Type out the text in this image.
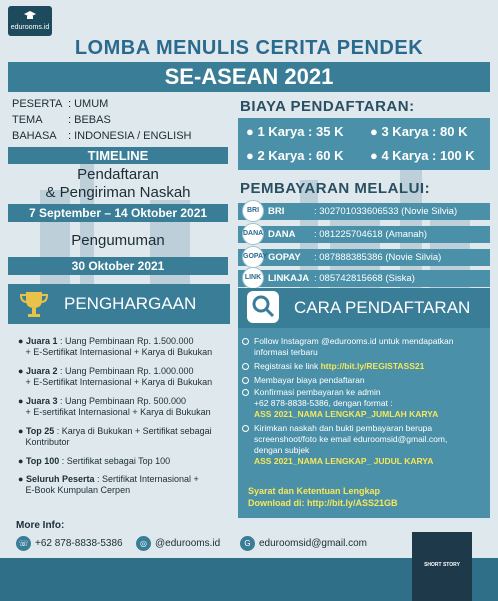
edurooms.id
LOMBA MENULIS CERITA PENDEK
SE-ASEAN 2021
PESERTA : UMUM
TEMA : BEBAS
BAHASA : INDONESIA / ENGLISH
TIMELINE
Pendaftaran
& Pengiriman Naskah
7 September – 14 Oktober 2021
Pengumuman
30 Oktober 2021
BIAYA PENDAFTARAN:
● 1 Karya : 35 K ● 3 Karya : 80 K
● 2 Karya : 60 K ● 4 Karya : 100 K
PEMBAYARAN MELALUI:
BRI	: 302701033606533 (Novie Silvia)
BRI
DANA : 081225704618 (Amanah)
DANA
GOPAY : 087888385386 (Novie Silvia)
GOPAY
LINKAJA : 085742815668 (Siska)
LINK
PENGHARGAAN	CARA PENDAFTARAN
● Juara 1 : Uang Pembinaan Rp. 1.500.000
+ E-Sertifikat Internasional + Karya di Bukukan
● Juara 2 : Uang Pembinaan Rp. 1.000.000
+ E-Sertifikat Internasional + Karya di Bukukan
● Juara 3 : Uang Pembinaan Rp. 500.000
+ E-sertifikat Internasional + Karya di Bukukan
● Top 25 : Karya di Bukukan + Sertifikat sebagai
Kontributor
● Top 100 : Sertifikat sebagai Top 100
● Seluruh Peserta : Sertifikat Internasional +
E-Book Kumpulan Cerpen
Follow Instagram @edurooms.id untuk mendapatkan
informasi terbaru
Registrasi ke link http://bit.ly/REGISTASS21
Membayar biaya pendaftaran
Konfirmasi pembayaran ke admin
+62 878-8838-5386, dengan format :
ASS 2021_NAMA LENGKAP_JUMLAH KARYA
Kirimkan naskah dan bukti pembayaran berupa
screenshoot/foto ke email eduroomsid@gmail.com,
dengan subjek
ASS 2021_NAMA LENGKAP_ JUDUL KARYA
Syarat dan Ketentuan Lengkap
Download di: http://bit.ly/ASS21GB
More Info:
☏ +62 878-8838-5386	◎ @edurooms.id	G eduroomsid@gmail.com
SHORT STORY
